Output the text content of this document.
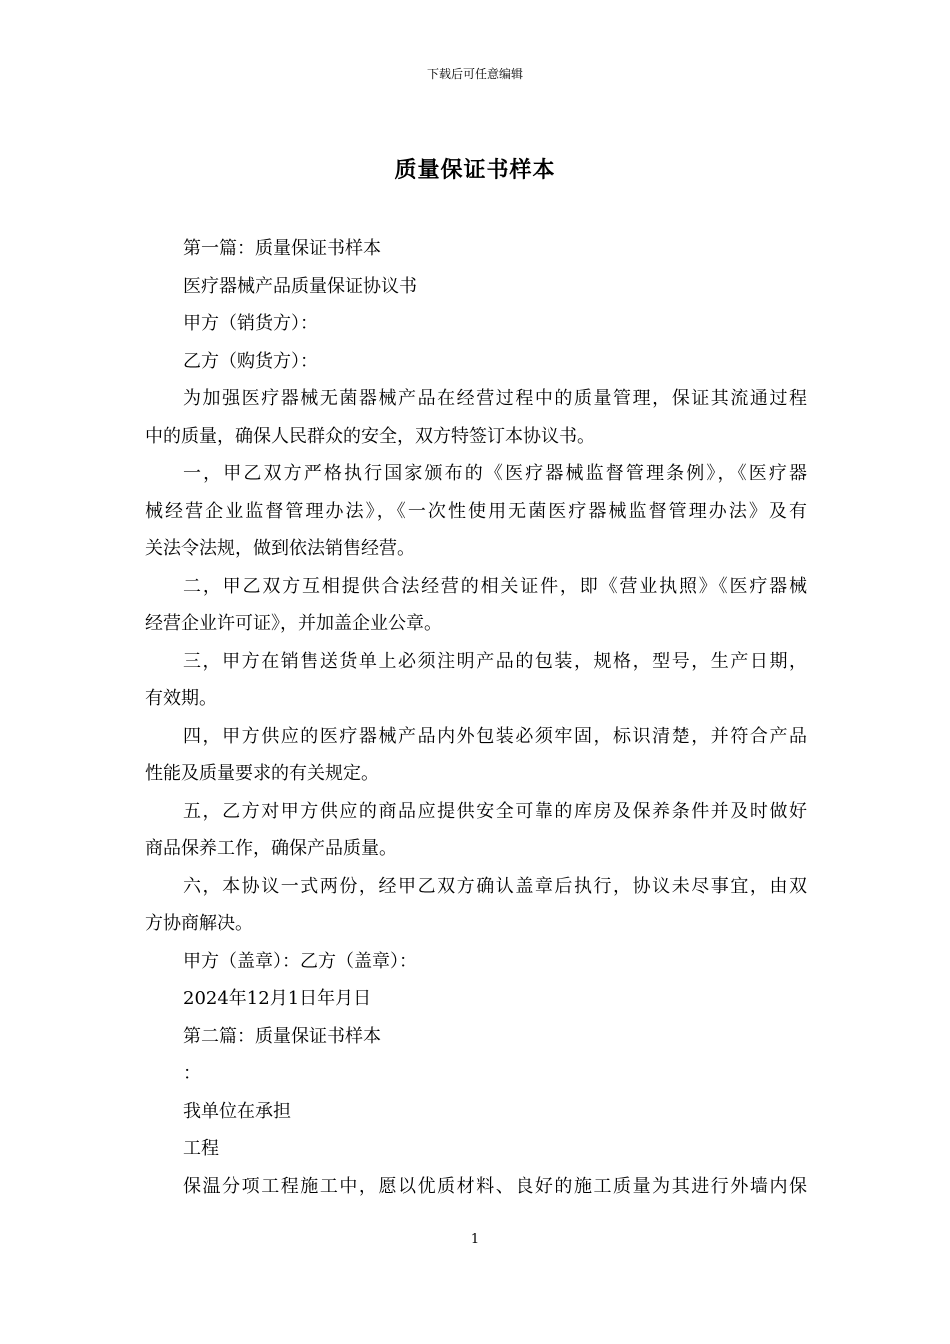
下载后可任意编辑
质量保证书样本
第一篇：质量保证书样本
医疗器械产品质量保证协议书
甲方（销货方）：
乙方（购货方）：
为加强医疗器械无菌器械产品在经营过程中的质量管理，保证其流通过程
中的质量，确保人民群众的安全，双方特签订本协议书。
一，甲乙双方严格执行国家颁布的《医疗器械监督管理条例》，《医疗器
械经营企业监督管理办法》，《一次性使用无菌医疗器械监督管理办法》及有
关法令法规，做到依法销售经营。
二，甲乙双方互相提供合法经营的相关证件，即《营业执照》《医疗器械
经营企业许可证》，并加盖企业公章。
三，甲方在销售送货单上必须注明产品的包装，规格，型号，生产日期，
有效期。
四，甲方供应的医疗器械产品内外包装必须牢固，标识清楚，并符合产品
性能及质量要求的有关规定。
五，乙方对甲方供应的商品应提供安全可靠的库房及保养条件并及时做好
商品保养工作，确保产品质量。
六，本协议一式两份，经甲乙双方确认盖章后执行，协议未尽事宜，由双
方协商解决。
甲方（盖章）：乙方（盖章）：
2024年12月1日年月日
第二篇：质量保证书样本
：
我单位在承担
工程
保温分项工程施工中，愿以优质材料、良好的施工质量为其进行外墙内保
1
